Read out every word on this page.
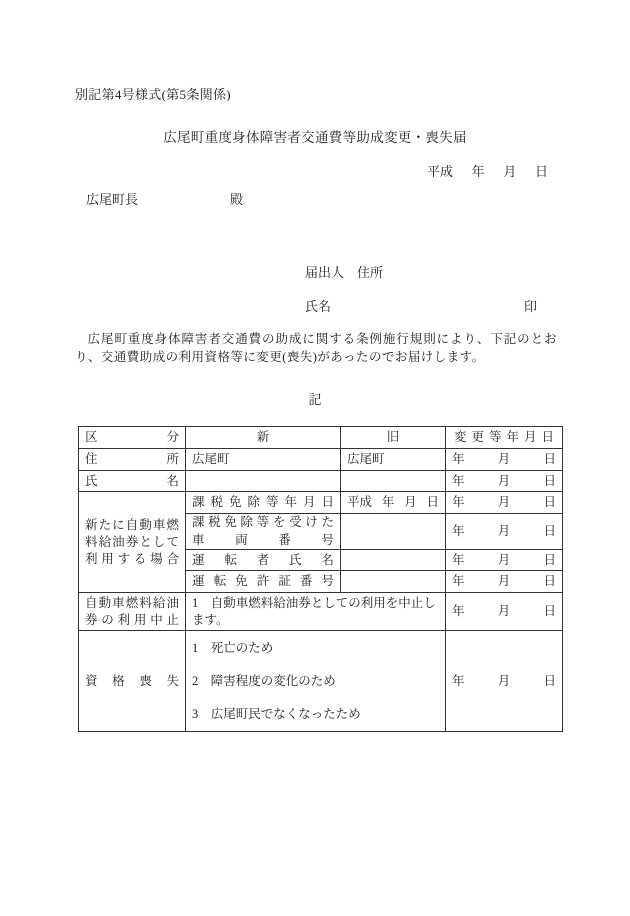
別記第4号様式(第5条関係)
広尾町重度身体障害者交通費等助成変更・喪失届
平成 年 月 日
広尾町長	殿
届出人　住所
氏名	印
広尾町重度身体障害者交通費の助成に関する条例施行規則により、下記のとおり、交通費助成の利用資格等に変更(喪失)があったのでお届けします。
記
区分	新	旧	変更等年月日
住所	広尾町	広尾町	年月日
氏名			年月日
新たに自動車燃料給油券として利用する場合	課税免除等年月日	平成 年 月 日	年月日

	課税免除等を受けた
車両番号		年月日
	運転者氏名		年月日
	運転免許証番号		年月日
自動車燃料給油券の利用中止	1　自動車燃料給油券としての利用を中止します。		年月日
資格喪失	1　死亡のため
2　障害程度の変化のため
3　広尾町民でなくなったため		年月日
